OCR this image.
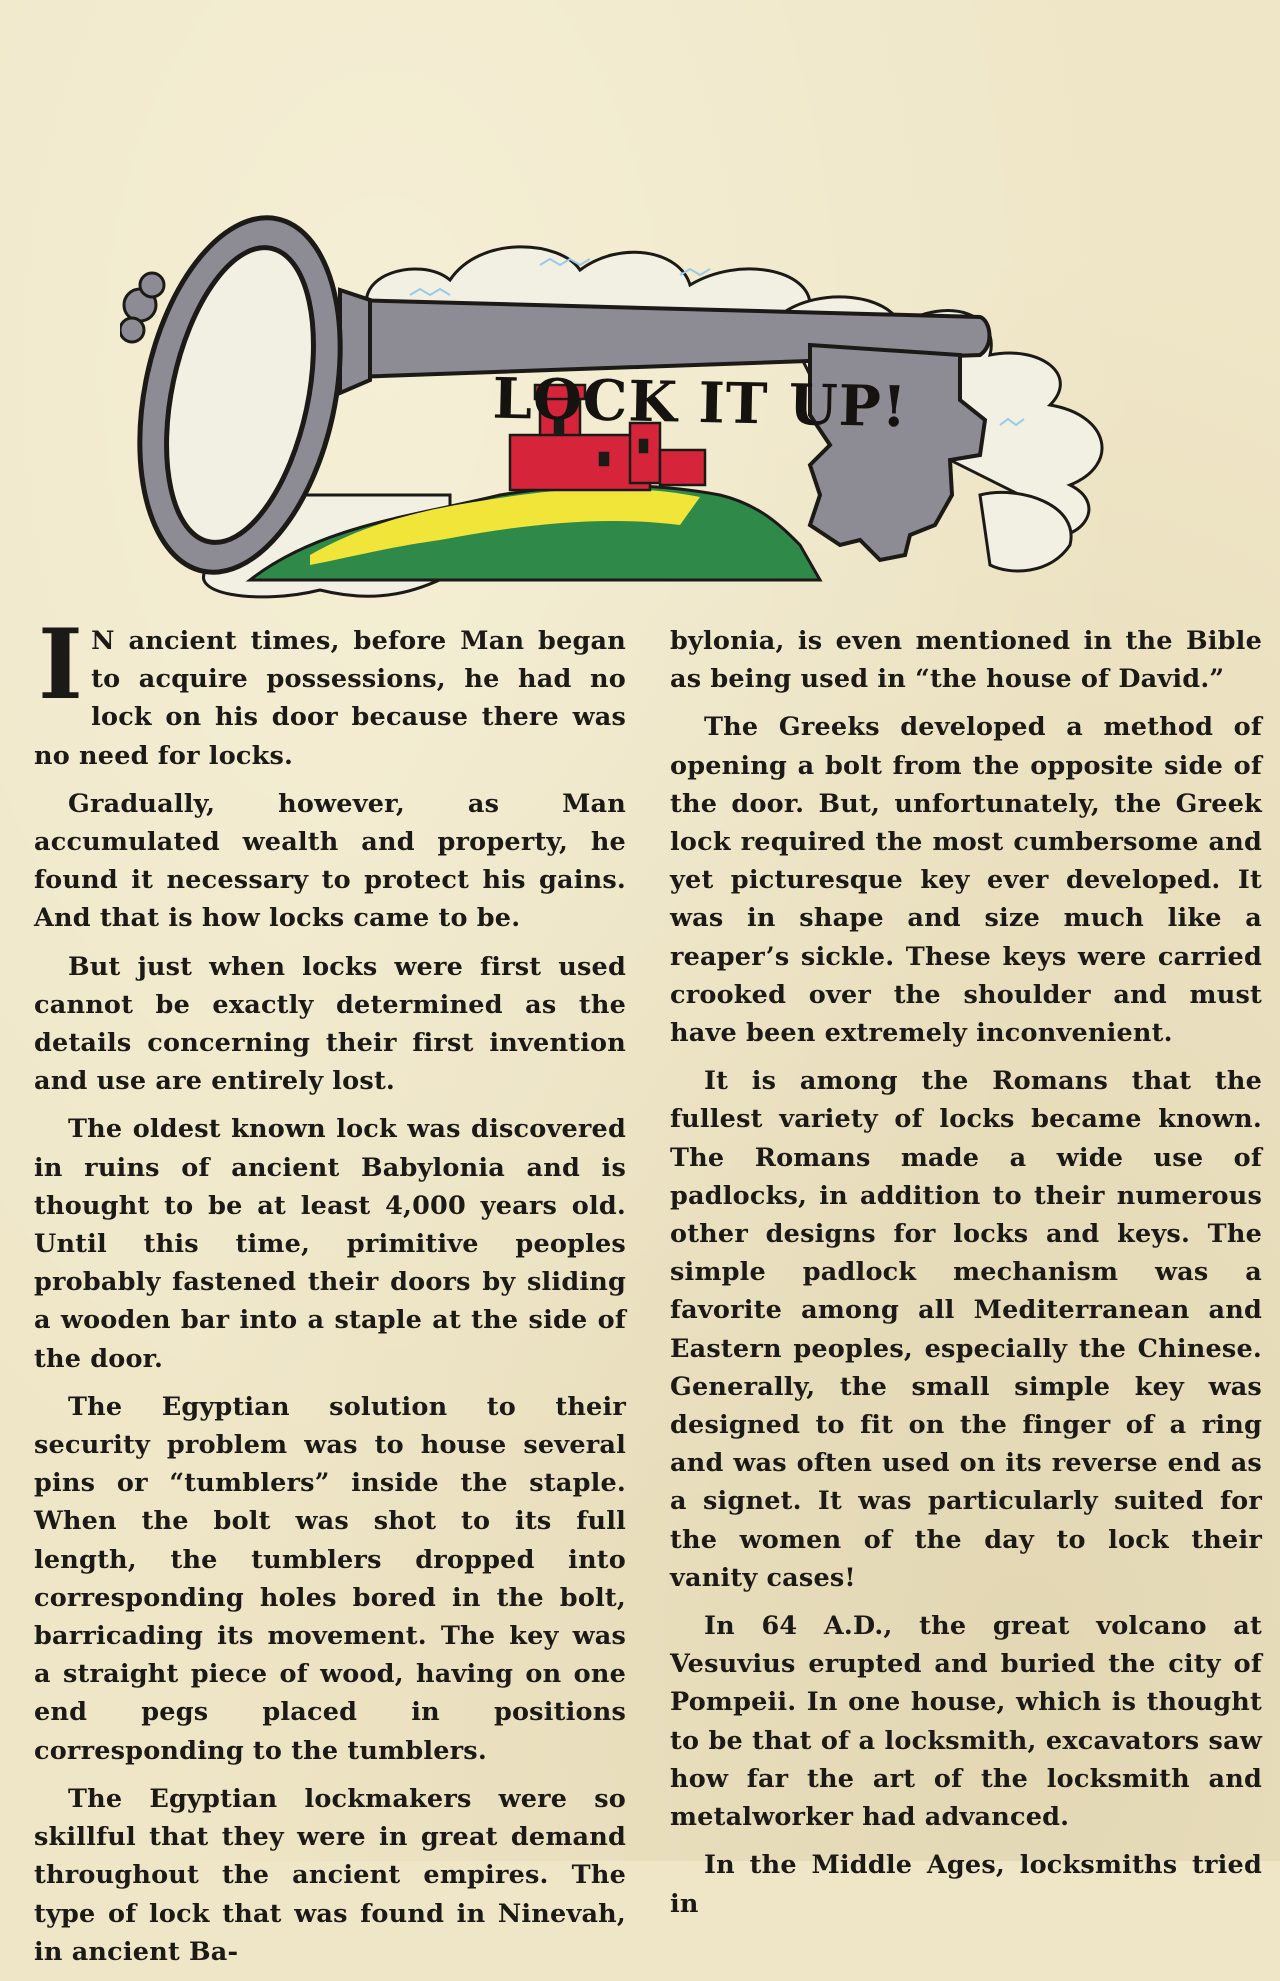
LOCK IT UP!

I N ancient times, before Man began to acquire possessions, he had no lock on his door because there was no need for locks.

Gradually, however, as Man accumulated wealth and property, he found it necessary to protect his gains. And that is how locks came to be.

But just when locks were first used cannot be exactly determined as the details concerning their first invention and use are entirely lost.

The oldest known lock was discovered in ruins of ancient Babylonia and is thought to be at least 4,000 years old. Until this time, primitive peoples probably fastened their doors by sliding a wooden bar into a staple at the side of the door.

The Egyptian solution to their security problem was to house several pins or “tumblers” inside the staple. When the bolt was shot to its full length, the tumblers dropped into corresponding holes bored in the bolt, barricading its movement. The key was a straight piece of wood, having on one end pegs placed in positions corresponding to the tumblers.

The Egyptian lockmakers were so skillful that they were in great demand throughout the ancient empires. The type of lock that was found in Ninevah, in ancient Ba-

bylonia, is even mentioned in the Bible as being used in “the house of David.”

The Greeks developed a method of opening a bolt from the opposite side of the door. But, unfortunately, the Greek lock required the most cumbersome and yet picturesque key ever developed. It was in shape and size much like a reaper’s sickle. These keys were carried crooked over the shoulder and must have been extremely inconvenient.

It is among the Romans that the fullest variety of locks became known. The Romans made a wide use of padlocks, in addition to their numerous other designs for locks and keys. The simple padlock mechanism was a favorite among all Mediterranean and Eastern peoples, especially the Chinese. Generally, the small simple key was designed to fit on the finger of a ring and was often used on its reverse end as a signet. It was particularly suited for the women of the day to lock their vanity cases!

In 64 A.D., the great volcano at Vesuvius erupted and buried the city of Pompeii. In one house, which is thought to be that of a locksmith, excavators saw how far the art of the locksmith and metalworker had advanced.

In the Middle Ages, locksmiths tried in
